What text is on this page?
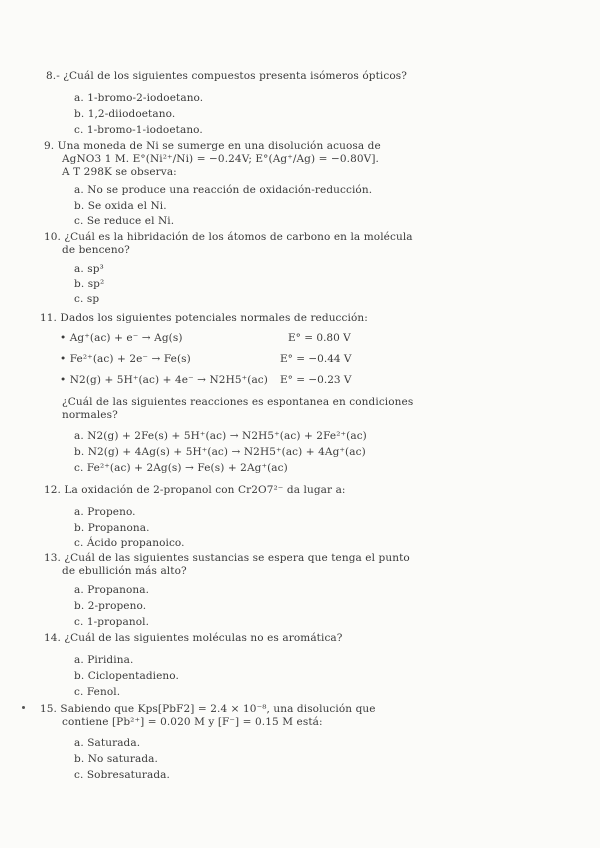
8.- ¿Cuál de los siguientes compuestos presenta isómeros ópticos?
a. 1-bromo-2-iodoetano.
b. 1,2-diiodoetano.
c. 1-bromo-1-iodoetano.
9. Una moneda de Ni se sumerge en una disolución acuosa de
AgNO3 1 M. E°(Ni²⁺/Ni) = −0.24V; E°(Ag⁺/Ag) = −0.80V].
A T 298K se observa:
a. No se produce una reacción de oxidación-reducción.
b. Se oxida el Ni.
c. Se reduce el Ni.
10. ¿Cuál es la hibridación de los átomos de carbono en la molécula
de benceno?
a. sp³
b. sp²
c. sp
11. Dados los siguientes potenciales normales de reducción:
• Ag⁺(ac) + e⁻ → Ag(s)	E° = 0.80 V
• Fe²⁺(ac) + 2e⁻ → Fe(s)	E° = −0.44 V
• N2(g) + 5H⁺(ac) + 4e⁻ → N2H5⁺(ac) E° = −0.23 V
¿Cuál de las siguientes reacciones es espontanea en condiciones
normales?
a. N2(g) + 2Fe(s) + 5H⁺(ac) → N2H5⁺(ac) + 2Fe²⁺(ac)
b. N2(g) + 4Ag(s) + 5H⁺(ac) → N2H5⁺(ac) + 4Ag⁺(ac)
c. Fe²⁺(ac) + 2Ag(s) → Fe(s) + 2Ag⁺(ac)
12. La oxidación de 2-propanol con Cr2O7²⁻ da lugar a:
a. Propeno.
b. Propanona.
c. Ácido propanoico.
13. ¿Cuál de las siguientes sustancias se espera que tenga el punto
de ebullición más alto?
a. Propanona.
b. 2-propeno.
c. 1-propanol.
14. ¿Cuál de las siguientes moléculas no es aromática?
a. Piridina.
b. Ciclopentadieno.
c. Fenol.
15. Sabiendo que Kps[PbF2] = 2.4 × 10⁻⁸, una disolución que
contiene [Pb²⁺] = 0.020 M y [F⁻] = 0.15 M está:
a. Saturada.
b. No saturada.
c. Sobresaturada.
